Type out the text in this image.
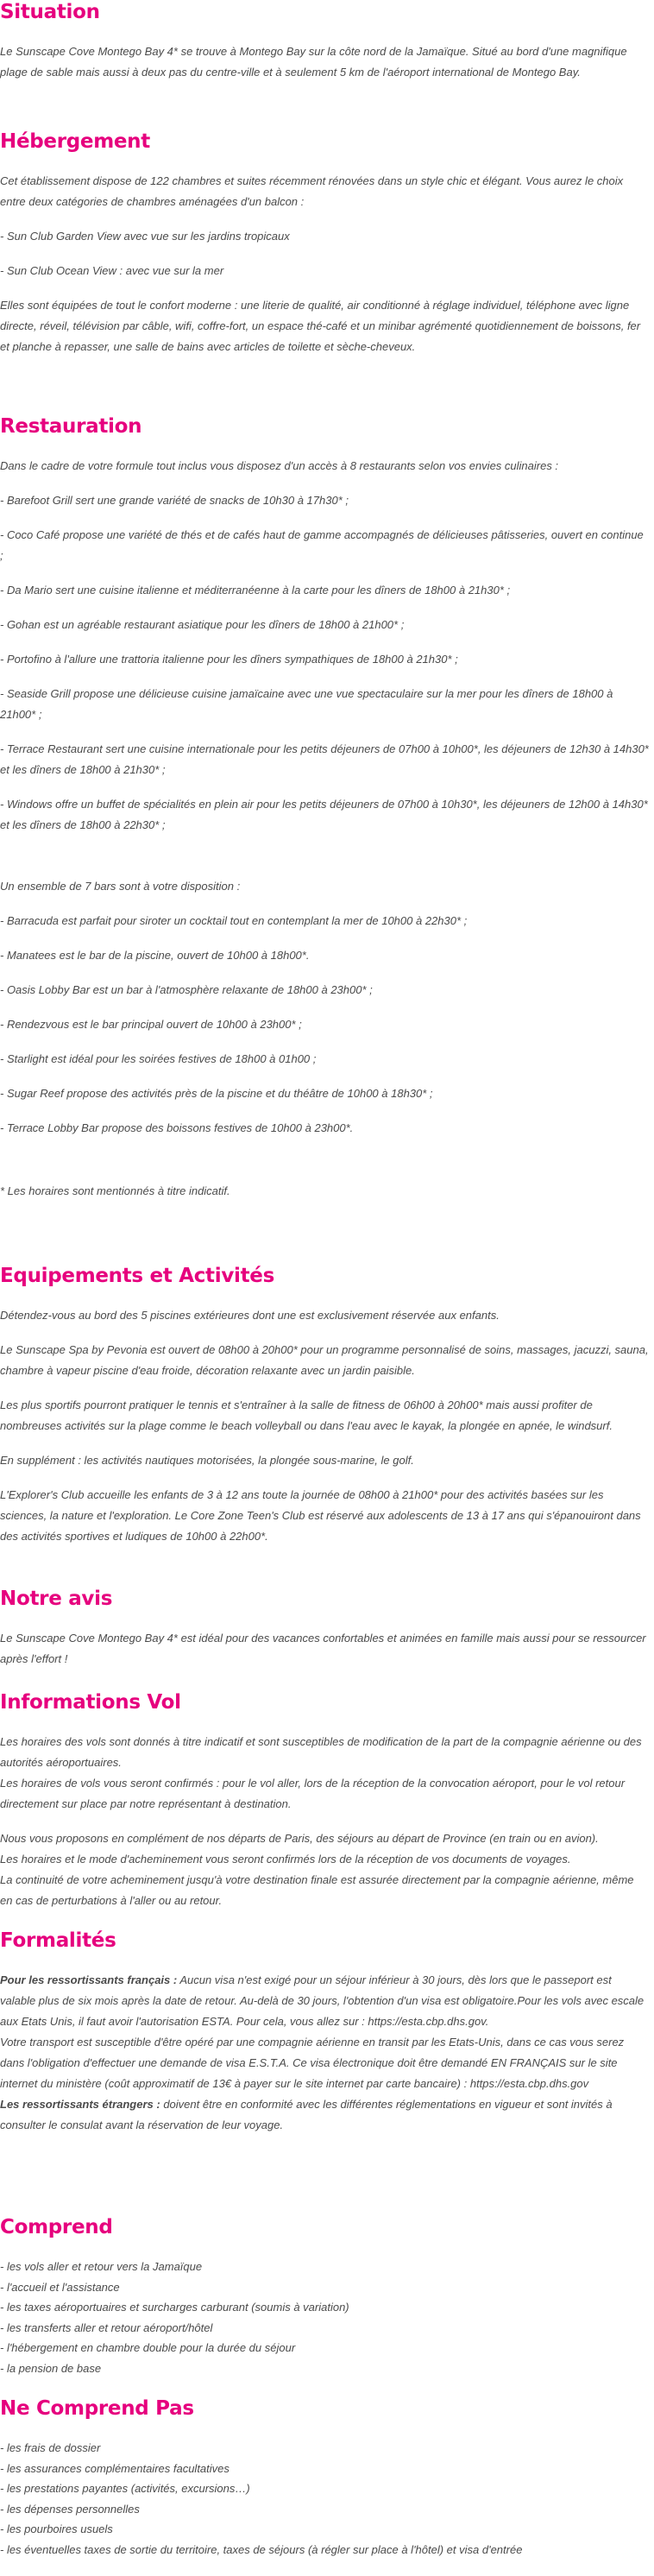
Situation

Le Sunscape Cove Montego Bay 4* se trouve à Montego Bay sur la côte nord de la Jamaïque. Situé au bord d'une magnifique plage de sable mais aussi à deux pas du centre-ville et à seulement 5 km de l'aéroport international de Montego Bay.

Hébergement

Cet établissement dispose de 122 chambres et suites récemment rénovées dans un style chic et élégant. Vous aurez le choix entre deux catégories de chambres aménagées d'un balcon :

- Sun Club Garden View avec vue sur les jardins tropicaux

- Sun Club Ocean View : avec vue sur la mer

Elles sont équipées de tout le confort moderne : une literie de qualité, air conditionné à réglage individuel, téléphone avec ligne directe, réveil, télévision par câble, wifi, coffre-fort, un espace thé-café et un minibar agrémenté quotidiennement de boissons, fer et planche à repasser, une salle de bains avec articles de toilette et sèche-cheveux.

Restauration

Dans le cadre de votre formule tout inclus vous disposez d'un accès à 8 restaurants selon vos envies culinaires :

- Barefoot Grill sert une grande variété de snacks de 10h30 à 17h30* ;

- Coco Café propose une variété de thés et de cafés haut de gamme accompagnés de délicieuses pâtisseries, ouvert en continue ;

- Da Mario sert une cuisine italienne et méditerranéenne à la carte pour les dîners de 18h00 à 21h30* ;

- Gohan est un agréable restaurant asiatique pour les dîners de 18h00 à 21h00* ;

- Portofino à l'allure une trattoria italienne pour les dîners sympathiques de 18h00 à 21h30* ;

- Seaside Grill propose une délicieuse cuisine jamaïcaine avec une vue spectaculaire sur la mer pour les dîners de 18h00 à 21h00* ;

- Terrace Restaurant sert une cuisine internationale pour les petits déjeuners de 07h00 à 10h00*, les déjeuners de 12h30 à 14h30* et les dîners de 18h00 à 21h30* ;

- Windows offre un buffet de spécialités en plein air pour les petits déjeuners de 07h00 à 10h30*, les déjeuners de 12h00 à 14h30* et les dîners de 18h00 à 22h30* ;

Un ensemble de 7 bars sont à votre disposition :

- Barracuda est parfait pour siroter un cocktail tout en contemplant la mer de 10h00 à 22h30* ;

- Manatees est le bar de la piscine, ouvert de 10h00 à 18h00*.

- Oasis Lobby Bar est un bar à l'atmosphère relaxante de 18h00 à 23h00* ;

- Rendezvous est le bar principal ouvert de 10h00 à 23h00* ;

- Starlight est idéal pour les soirées festives de 18h00 à 01h00 ;

- Sugar Reef propose des activités près de la piscine et du théâtre de 10h00 à 18h30* ;

- Terrace Lobby Bar propose des boissons festives de 10h00 à 23h00*.

* Les horaires sont mentionnés à titre indicatif.

Equipements et Activités

Détendez-vous au bord des 5 piscines extérieures dont une est exclusivement réservée aux enfants.

Le Sunscape Spa by Pevonia est ouvert de 08h00 à 20h00* pour un programme personnalisé de soins, massages, jacuzzi, sauna, chambre à vapeur piscine d'eau froide, décoration relaxante avec un jardin paisible.

Les plus sportifs pourront pratiquer le tennis et s'entraîner à la salle de fitness de 06h00 à 20h00* mais aussi profiter de nombreuses activités sur la plage comme le beach volleyball ou dans l'eau avec le kayak, la plongée en apnée, le windsurf.

En supplément : les activités nautiques motorisées, la plongée sous-marine, le golf.

L'Explorer's Club accueille les enfants de 3 à 12 ans toute la journée de 08h00 à 21h00* pour des activités basées sur les sciences, la nature et l'exploration. Le Core Zone Teen's Club est réservé aux adolescents de 13 à 17 ans qui s'épanouiront dans des activités sportives et ludiques de 10h00 à 22h00*.

Notre avis

Le Sunscape Cove Montego Bay 4* est idéal pour des vacances confortables et animées en famille mais aussi pour se ressourcer après l'effort !

Informations Vol

Les horaires des vols sont donnés à titre indicatif et sont susceptibles de modification de la part de la compagnie aérienne ou des autorités aéroportuaires.

Les horaires de vols vous seront confirmés : pour le vol aller, lors de la réception de la convocation aéroport, pour le vol retour directement sur place par notre représentant à destination.

Nous vous proposons en complément de nos départs de Paris, des séjours au départ de Province (en train ou en avion).

Les horaires et le mode d'acheminement vous seront confirmés lors de la réception de vos documents de voyages.

La continuité de votre acheminement jusqu'à votre destination finale est assurée directement par la compagnie aérienne, même en cas de perturbations à l'aller ou au retour.

Formalités

Pour les ressortissants français : Aucun visa n'est exigé pour un séjour inférieur à 30 jours, dès lors que le passeport est valable plus de six mois après la date de retour. Au-delà de 30 jours, l'obtention d'un visa est obligatoire.Pour les vols avec escale aux Etats Unis, il faut avoir l'autorisation ESTA. Pour cela, vous allez sur : https://esta.cbp.dhs.gov.

Votre transport est susceptible d'être opéré par une compagnie aérienne en transit par les Etats-Unis, dans ce cas vous serez dans l'obligation d'effectuer une demande de visa E.S.T.A. Ce visa électronique doit être demandé EN FRANÇAIS sur le site internet du ministère (coût approximatif de 13€ à payer sur le site internet par carte bancaire) : https://esta.cbp.dhs.gov

Les ressortissants étrangers : doivent être en conformité avec les différentes réglementations en vigueur et sont invités à consulter le consulat avant la réservation de leur voyage.

Comprend

- les vols aller et retour vers la Jamaïque

- l'accueil et l'assistance

- les taxes aéroportuaires et surcharges carburant (soumis à variation)

- les transferts aller et retour aéroport/hôtel

- l'hébergement en chambre double pour la durée du séjour

- la pension de base

Ne Comprend Pas

- les frais de dossier

- les assurances complémentaires facultatives

- les prestations payantes (activités, excursions…)

- les dépenses personnelles

- les pourboires usuels

- les éventuelles taxes de sortie du territoire, taxes de séjours (à régler sur place à l'hôtel) et visa d'entrée
